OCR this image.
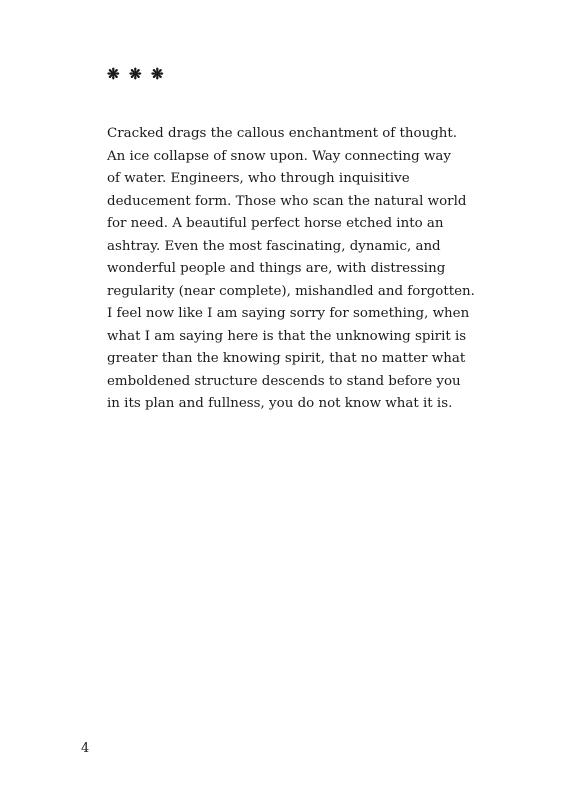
❋ ❋ ❋
Cracked drags the callous enchantment of thought.
An ice collapse of snow upon. Way connecting way
of water. Engineers, who through inquisitive
deducement form. Those who scan the natural world
for need. A beautiful perfect horse etched into an
ashtray. Even the most fascinating, dynamic, and
wonderful people and things are, with distressing
regularity (near complete), mishandled and forgotten.
I feel now like I am saying sorry for something, when
what I am saying here is that the unknowing spirit is
greater than the knowing spirit, that no matter what
emboldened structure descends to stand before you
in its plan and fullness, you do not know what it is.
4
